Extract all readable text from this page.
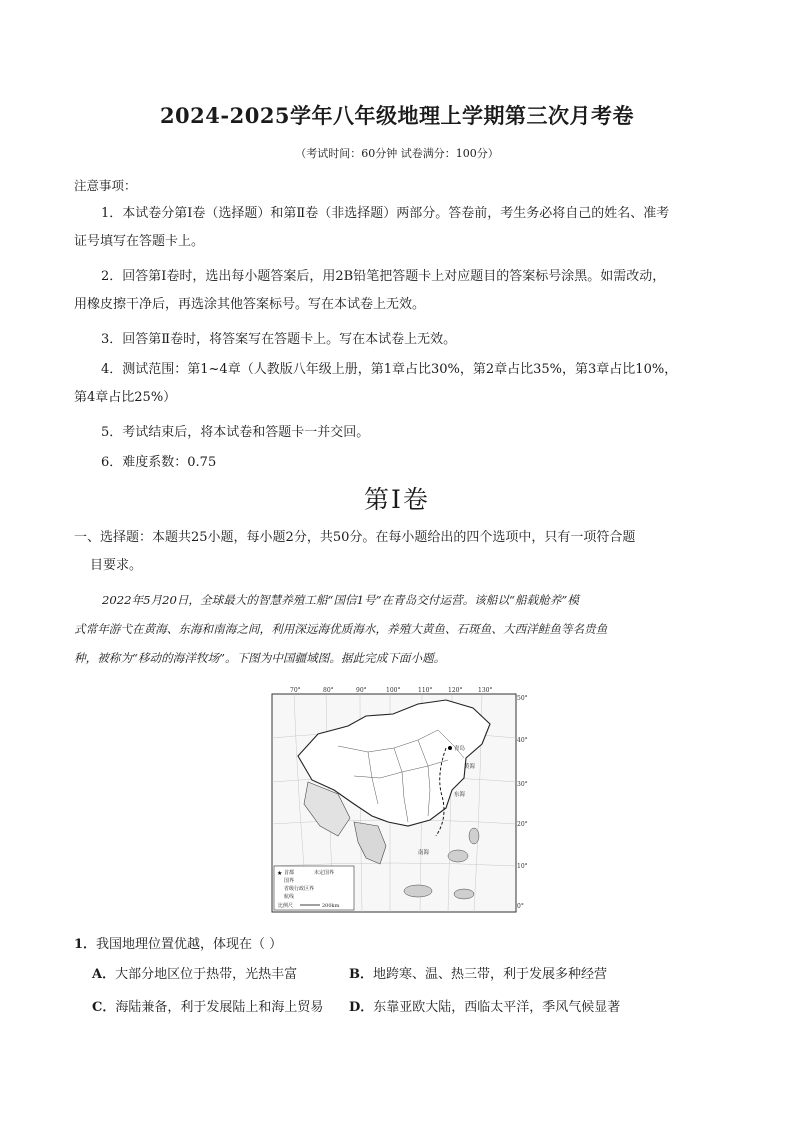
2024-2025学年八年级地理上学期第三次月考卷
（考试时间：60分钟 试卷满分：100分）
注意事项：
1．本试卷分第Ⅰ卷（选择题）和第Ⅱ卷（非选择题）两部分。答卷前，考生务必将自己的姓名、准考
证号填写在答题卡上。
2．回答第Ⅰ卷时，选出每小题答案后，用2B铅笔把答题卡上对应题目的答案标号涂黑。如需改动，
用橡皮擦干净后，再选涂其他答案标号。写在本试卷上无效。
3．回答第Ⅱ卷时，将答案写在答题卡上。写在本试卷上无效。
4．测试范围：第1~4章（人教版八年级上册，第1章占比30%，第2章占比35%，第3章占比10%，
第4章占比25%）
5．考试结束后，将本试卷和答题卡一并交回。
6．难度系数：0.75
第Ⅰ卷
一、选择题：本题共25小题，每小题2分，共50分。在每小题给出的四个选项中，只有一项符合题
目要求。
2022年5月20日，全球最大的智慧养殖工船“国信1号”在青岛交付运营。该船以“船载舱养”模
式常年游弋在黄海、东海和南海之间，利用深远海优质海水，养殖大黄鱼、石斑鱼、大西洋鲑鱼等名贵鱼
种，被称为“移动的海洋牧场”。下图为中国疆域图。据此完成下面小题。
70°	80°	90°	100°	110°	120°	130°
50°
40°
30°
20°
10°
0°
青岛
黄海
东海
南海
首都
国界
未定国界
省级行政区界
航线
比例尺	200km
★
1．我国地理位置优越，体现在（ ）
A．大部分地区位于热带，光热丰富	B．地跨寒、温、热三带，利于发展多种经营
C．海陆兼备，利于发展陆上和海上贸易 D．东靠亚欧大陆，西临太平洋，季风气候显著
